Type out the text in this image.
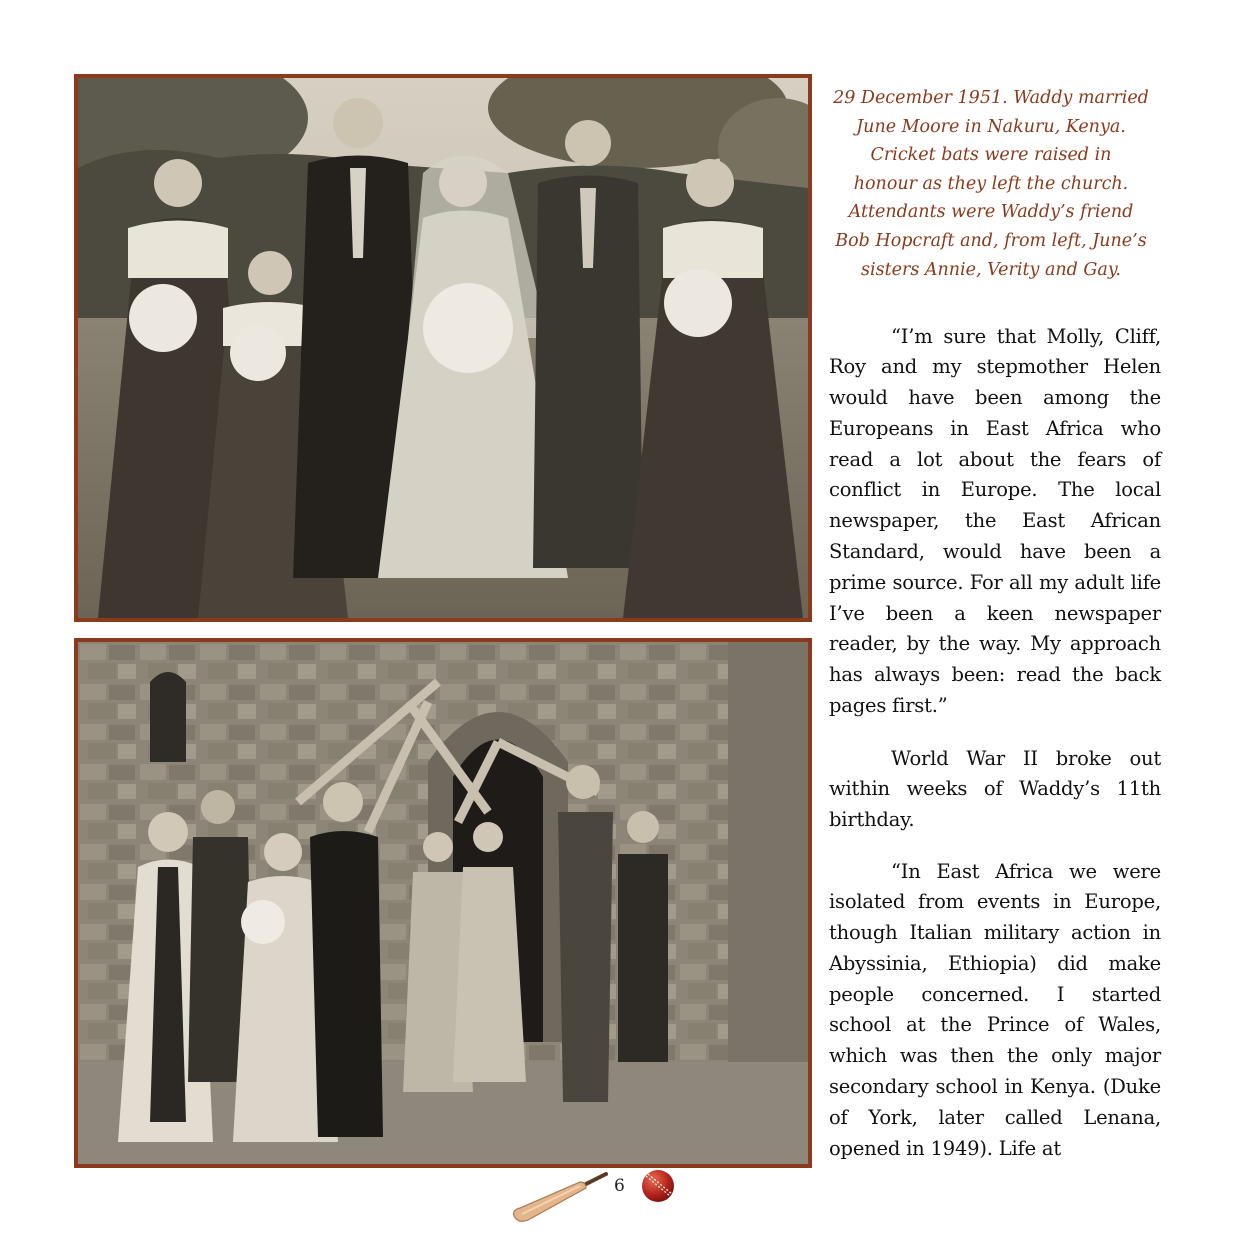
29 December 1951. Waddy married
June Moore in Nakuru, Kenya.
Cricket bats were raised in
honour as they left the church.
Attendants were Waddy’s friend
Bob Hopcraft and, from left, June’s
sisters Annie, Verity and Gay.

“I’m sure that Molly, Cliff, Roy and my stepmother Helen would have been among the Europeans in East Africa who read a lot about the fears of conflict in Europe. The local newspaper, the East African Standard, would have been a prime source. For all my adult life I’ve been a keen newspaper reader, by the way. My approach has always been: read the back pages first.”

World War II broke out within weeks of Waddy’s 11th birthday.

“In East Africa we were isolated from events in Europe, though Italian military action in Abyssinia, Ethiopia) did make people concerned. I started school at the Prince of Wales, which was then the only major secondary school in Kenya. (Duke of York, later called Lenana, opened in 1949). Life at

6
